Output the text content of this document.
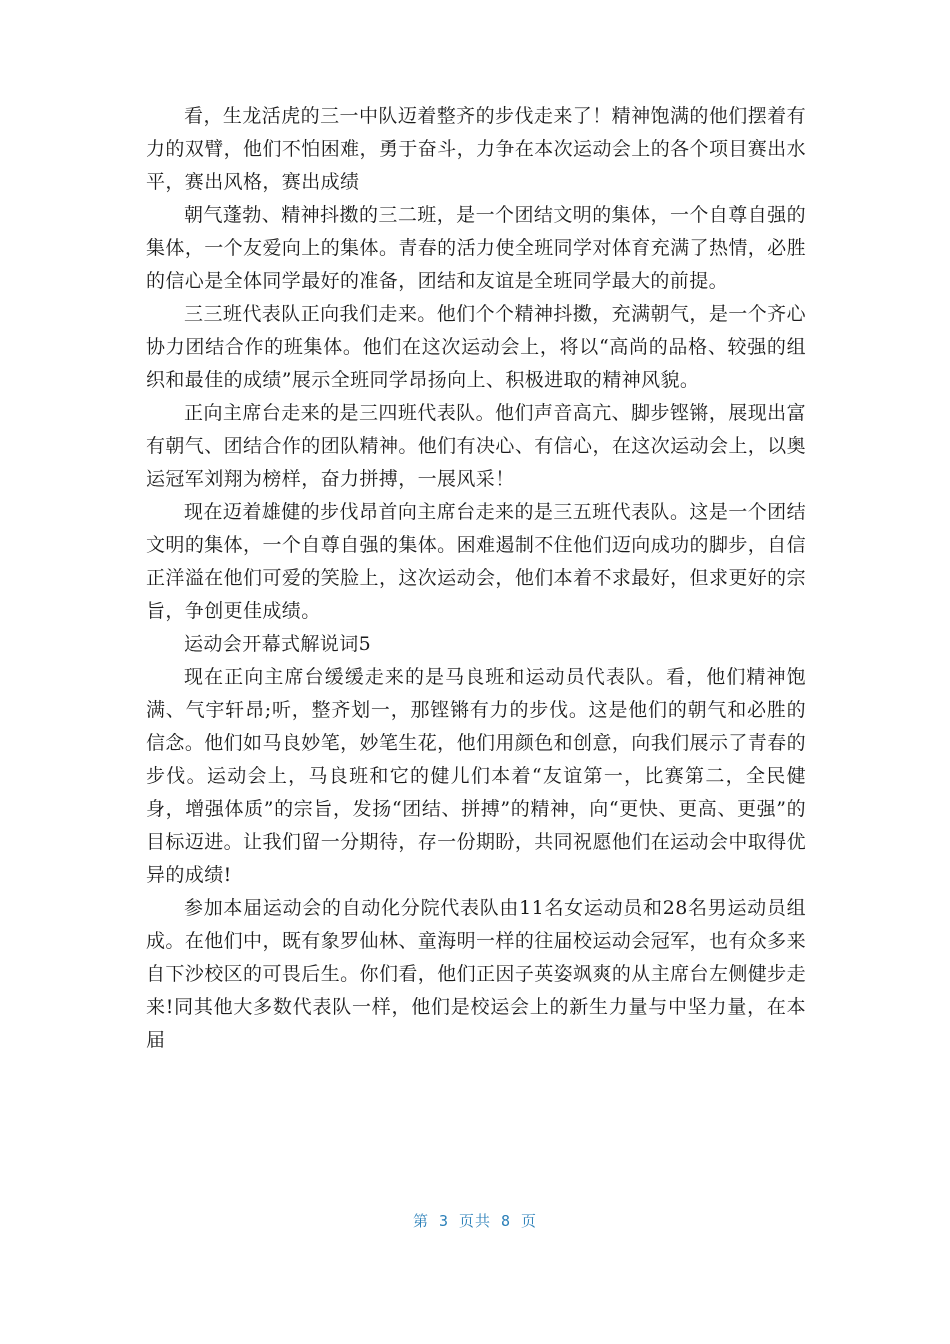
看，生龙活虎的三一中队迈着整齐的步伐走来了！精神饱满的他们摆着有力的双臂，他们不怕困难，勇于奋斗，力争在本次运动会上的各个项目赛出水平，赛出风格，赛出成绩

朝气蓬勃、精神抖擞的三二班，是一个团结文明的集体，一个自尊自强的集体，一个友爱向上的集体。青春的活力使全班同学对体育充满了热情，必胜的信心是全体同学最好的准备，团结和友谊是全班同学最大的前提。

三三班代表队正向我们走来。他们个个精神抖擞，充满朝气，是一个齐心协力团结合作的班集体。他们在这次运动会上，将以“高尚的品格、较强的组织和最佳的成绩”展示全班同学昂扬向上、积极进取的精神风貌。

正向主席台走来的是三四班代表队。他们声音高亢、脚步铿锵，展现出富有朝气、团结合作的团队精神。他们有决心、有信心，在这次运动会上，以奥运冠军刘翔为榜样，奋力拼搏，一展风采！

现在迈着雄健的步伐昂首向主席台走来的是三五班代表队。这是一个团结文明的集体，一个自尊自强的集体。困难遏制不住他们迈向成功的脚步，自信正洋溢在他们可爱的笑脸上，这次运动会，他们本着不求最好，但求更好的宗旨，争创更佳成绩。

运动会开幕式解说词5

现在正向主席台缓缓走来的是马良班和运动员代表队。看，他们精神饱满、气宇轩昂;听，整齐划一，那铿锵有力的步伐。这是他们的朝气和必胜的信念。他们如马良妙笔，妙笔生花，他们用颜色和创意，向我们展示了青春的步伐。运动会上，马良班和它的健儿们本着“友谊第一，比赛第二，全民健身，增强体质”的宗旨，发扬“团结、拼搏”的精神，向“更快、更高、更强”的目标迈进。让我们留一分期待，存一份期盼，共同祝愿他们在运动会中取得优异的成绩!

参加本届运动会的自动化分院代表队由11名女运动员和28名男运动员组成。在他们中，既有象罗仙林、童海明一样的往届校运动会冠军，也有众多来自下沙校区的可畏后生。你们看，他们正因子英姿飒爽的从主席台左侧健步走来!同其他大多数代表队一样，他们是校运会上的新生力量与中坚力量，在本届

第 3 页共 8 页
